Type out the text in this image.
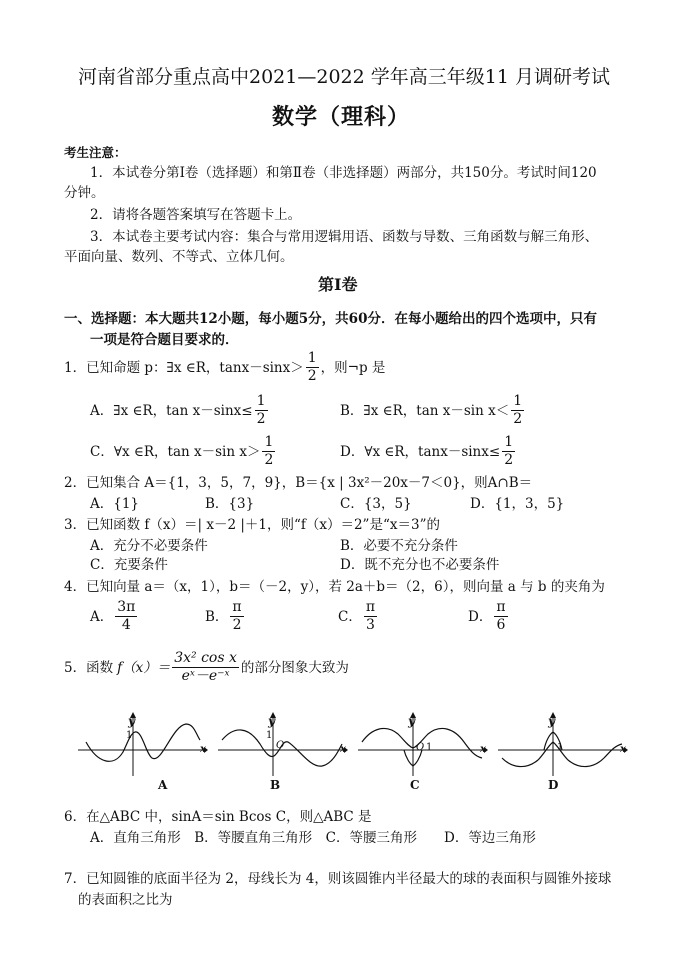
河南省部分重点高中2021—2022 学年高三年级11 月调研考试
数学（理科）
考生注意：
1．本试卷分第Ⅰ卷（选择题）和第Ⅱ卷（非选择题）两部分，共150分。考试时间120
分钟。
2．请将各题答案填写在答题卡上。
3．本试卷主要考试内容：集合与常用逻辑用语、函数与导数、三角函数与解三角形、
平面向量、数列、不等式、立体几何。
第Ⅰ卷
一、选择题：本大题共12小题，每小题5分，共60分．在每小题给出的四个选项中，只有
一项是符合题目要求的．
1．已知命题 p：∃x ∈R，$\tan x-\sin x> \frac{1}{2}$ ，则¬p 是
A．∃x ∈R，$\tan x-\sin x\le \frac{1}{2}$	B．∃x ∈R，tan x－sin $x< \frac{1}{2}$
C．∀x ∈R，tan x－sin $x> \frac{1}{2}$	D．∀x ∈R，$\tan x-\sin x\le \frac{1}{2}$
2．已知集合 A＝{1，3，5，7，9}，B＝{x | 3x²－20x－7＜0}，则A∩B＝
A．{1}	B．{3}	C．{3，5}	D．{1，3，5}
3．已知函数 f（x）＝| x－2 |＋1，则“f（x）＝2”是“x＝3”的
A．充分不必要条件	B．必要不充分条件
C．充要条件	D．既不充分也不必要条件
4．已知向量 a＝（x，1），b＝（－2，y），若 2a＋b＝（2，6），则向量 a 与 b 的夹角为
A． $\frac{3\pi}{4}$	B． $\frac{\pi}{2}$	C． $\frac{\pi}{3}$	D． $\frac{\pi}{6}$
5．函数 $f(x)= \frac{\text{3x² cos x}}{\text{eˣ－e⁻ˣ}}$ 的部分图象大致为
y
x
1
A
y
x
1
O
B
y
x
O 1
C
y
x
1
D
6．在△ABC 中，sinA＝sin Bcos C，则△ABC 是
A．直角三角形　B．等腰直角三角形　C．等腰三角形　　D．等边三角形
7．已知圆锥的底面半径为 2，母线长为 4，则该圆锥内半径最大的球的表面积与圆锥外接球
的表面积之比为
